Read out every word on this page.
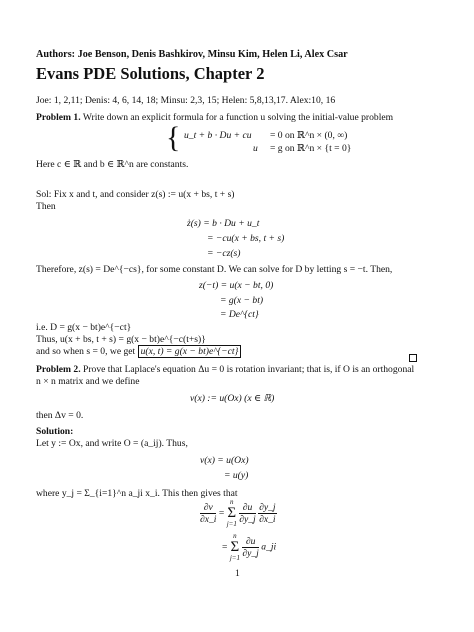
Authors: Joe Benson, Denis Bashkirov, Minsu Kim, Helen Li, Alex Csar
Evans PDE Solutions, Chapter 2
Joe: 1, 2,11; Denis: 4, 6, 14, 18; Minsu: 2,3, 15; Helen: 5,8,13,17. Alex:10, 16
Problem 1. Write down an explicit formula for a function u solving the initial-value problem
{ u_t + b · Du + cu = 0 on ℝ^n × (0, ∞)
u = g on ℝ^n × {t = 0}
Here c ∈ ℝ and b ∈ ℝ^n are constants.
Sol: Fix x and t, and consider z(s) := u(x + bs, t + s)
Then
ż(s) = b · Du + u_t
= −cu(x + bs, t + s)
= −cz(s)
Therefore, z(s) = De^{−cs}, for some constant D. We can solve for D by letting s = −t. Then,
z(−t) = u(x − bt, 0)
= g(x − bt)
= De^{ct}
i.e. D = g(x − bt)e^{−ct}
Thus, u(x + bs, t + s) = g(x − bt)e^{−c(t+s)}
and so when s = 0, we get u(x, t) = g(x − bt)e^{−ct}
Problem 2. Prove that Laplace's equation Δu = 0 is rotation invariant; that is, if O is an orthogonal
n × n matrix and we define
v(x) := u(Ox) (x ∈ ℝ)
then Δv = 0.
Solution:
Let y := Ox, and write O = (a_ij). Thus,
v(x) = u(Ox)
= u(y)
where y_j = Σ_{i=1}^n a_ji x_i. This then gives that
$\frac{\partial v}{\partial x\_i}$ =
n
Σ
j=1
$\frac{\partial u}{\partial y\_j}$
$\frac{\partial y\_j}{\partial x\_i}$
=
n
Σ
j=1
$\frac{\partial u}{\partial y\_j}$ a_ji
1
